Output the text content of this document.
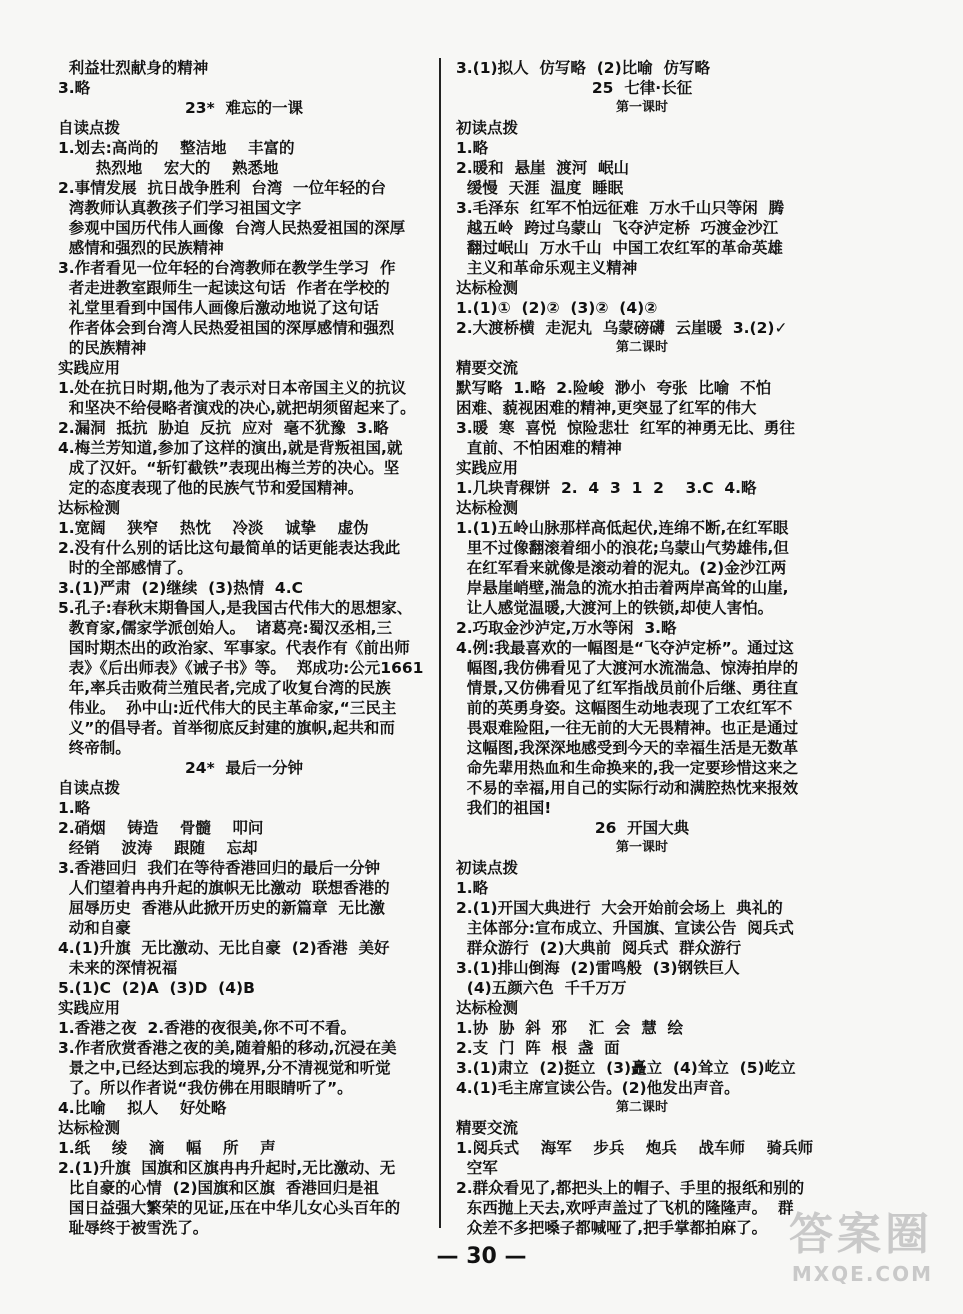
利益壮烈献身的精神
3.略
23*  难忘的一课
自读点拨
1.划去:高尚的    整洁地    丰富的
热烈地    宏大的    熟悉地
2.事情发展  抗日战争胜利  台湾  一位年轻的台
湾教师认真教孩子们学习祖国文字
参观中国历代伟人画像  台湾人民热爱祖国的深厚
感情和强烈的民族精神
3.作者看见一位年轻的台湾教师在教学生学习  作
者走进教室跟师生一起读这句话  作者在学校的
礼堂里看到中国伟人画像后激动地说了这句话
作者体会到台湾人民热爱祖国的深厚感情和强烈
的民族精神
实践应用
1.处在抗日时期,他为了表示对日本帝国主义的抗议
和坚决不给侵略者演戏的决心,就把胡须留起来了。
2.漏洞  抵抗  胁迫  反抗  应对  毫不犹豫  3.略
4.梅兰芳知道,参加了这样的演出,就是背叛祖国,就
成了汉奸。“斩钉截铁”表现出梅兰芳的决心。坚
定的态度表现了他的民族气节和爱国精神。
达标检测
1.宽阔    狭窄    热忱    冷淡    诚挚    虚伪
2.没有什么别的话比这句最简单的话更能表达我此
时的全部感情了。
3.(1)严肃  (2)继续  (3)热情  4.C
5.孔子:春秋末期鲁国人,是我国古代伟大的思想家、
教育家,儒家学派创始人。  诸葛亮:蜀汉丞相,三
国时期杰出的政治家、军事家。代表作有《前出师
表》《后出师表》《诫子书》等。  郑成功:公元1661
年,率兵击败荷兰殖民者,完成了收复台湾的民族
伟业。  孙中山:近代伟大的民主革命家,“三民主
义”的倡导者。首举彻底反封建的旗帜,起共和而
终帝制。
24*  最后一分钟
自读点拨
1.略
2.硝烟    铸造    骨髓    叩问
经销    波涛    跟随    忘却
3.香港回归  我们在等待香港回归的最后一分钟
人们望着冉冉升起的旗帜无比激动  联想香港的
屈辱历史  香港从此掀开历史的新篇章  无比激
动和自豪
4.(1)升旗  无比激动、无比自豪  (2)香港  美好
未来的深情祝福
5.(1)C  (2)A  (3)D  (4)B
实践应用
1.香港之夜  2.香港的夜很美,你不可不看。
3.作者欣赏香港之夜的美,随着船的移动,沉浸在美
景之中,已经达到忘我的境界,分不清视觉和听觉
了。所以作者说“我仿佛在用眼睛听了”。
4.比喻    拟人    好处略
达标检测
1.纸    绫    滴    幅    所    声
2.(1)升旗  国旗和区旗冉冉升起时,无比激动、无
比自豪的心情  (2)国旗和区旗  香港回归是祖
国日益强大繁荣的见证,压在中华儿女心头百年的
耻辱终于被雪洗了。
3.(1)拟人  仿写略  (2)比喻  仿写略
25  七律·长征
第一课时
初读点拨
1.略
2.暖和  悬崖  渡河  岷山
缓慢  天涯  温度  睡眠
3.毛泽东  红军不怕远征难  万水千山只等闲  腾
越五岭  跨过乌蒙山  飞夺泸定桥  巧渡金沙江
翻过岷山  万水千山  中国工农红军的革命英雄
主义和革命乐观主义精神
达标检测
1.(1)①  (2)②  (3)②  (4)②
2.大渡桥横  走泥丸  乌蒙磅礴  云崖暖  3.(2)✓
第二课时
精要交流
默写略  1.略  2.险峻  渺小  夸张  比喻  不怕
困难、藐视困难的精神,更突显了红军的伟大
3.暖  寒  喜悦  惊险悲壮  红军的神勇无比、勇往
直前、不怕困难的精神
实践应用
1.几块青稞饼  2.  4  3  1  2    3.C  4.略
达标检测
1.(1)五岭山脉那样高低起伏,连绵不断,在红军眼
里不过像翻滚着细小的浪花;乌蒙山气势雄伟,但
在红军看来就像是滚动着的泥丸。(2)金沙江两
岸悬崖峭壁,湍急的流水拍击着两岸高耸的山崖,
让人感觉温暖,大渡河上的铁锁,却使人害怕。
2.巧取金沙泸定,万水等闲  3.略
4.例:我最喜欢的一幅图是“飞夺泸定桥”。通过这
幅图,我仿佛看见了大渡河水流湍急、惊涛拍岸的
情景,又仿佛看见了红军指战员前仆后继、勇往直
前的英勇身姿。这幅图生动地表现了工农红军不
畏艰难险阻,一往无前的大无畏精神。也正是通过
这幅图,我深深地感受到今天的幸福生活是无数革
命先辈用热血和生命换来的,我一定要珍惜这来之
不易的幸福,用自己的实际行动和满腔热忱来报效
我们的祖国!
26  开国大典
第一课时
初读点拨
1.略
2.(1)开国大典进行  大会开始前会场上  典礼的
主体部分:宣布成立、升国旗、宣读公告  阅兵式
群众游行  (2)大典前  阅兵式  群众游行
3.(1)排山倒海  (2)雷鸣般  (3)钢铁巨人
(4)五颜六色  千千万万
达标检测
1.协  胁  斜  邪    汇  会  慧  绘
2.支  门  阵  根  盏  面
3.(1)肃立  (2)挺立  (3)矗立  (4)耸立  (5)屹立
4.(1)毛主席宣读公告。(2)他发出声音。
第二课时
精要交流
1.阅兵式    海军    步兵    炮兵    战车师    骑兵师
空军
2.群众看见了,都把头上的帽子、手里的报纸和别的
东西抛上天去,欢呼声盖过了飞机的隆隆声。  群
众差不多把嗓子都喊哑了,把手掌都拍麻了。
— 30 —	答案圈
MXQE.COM
